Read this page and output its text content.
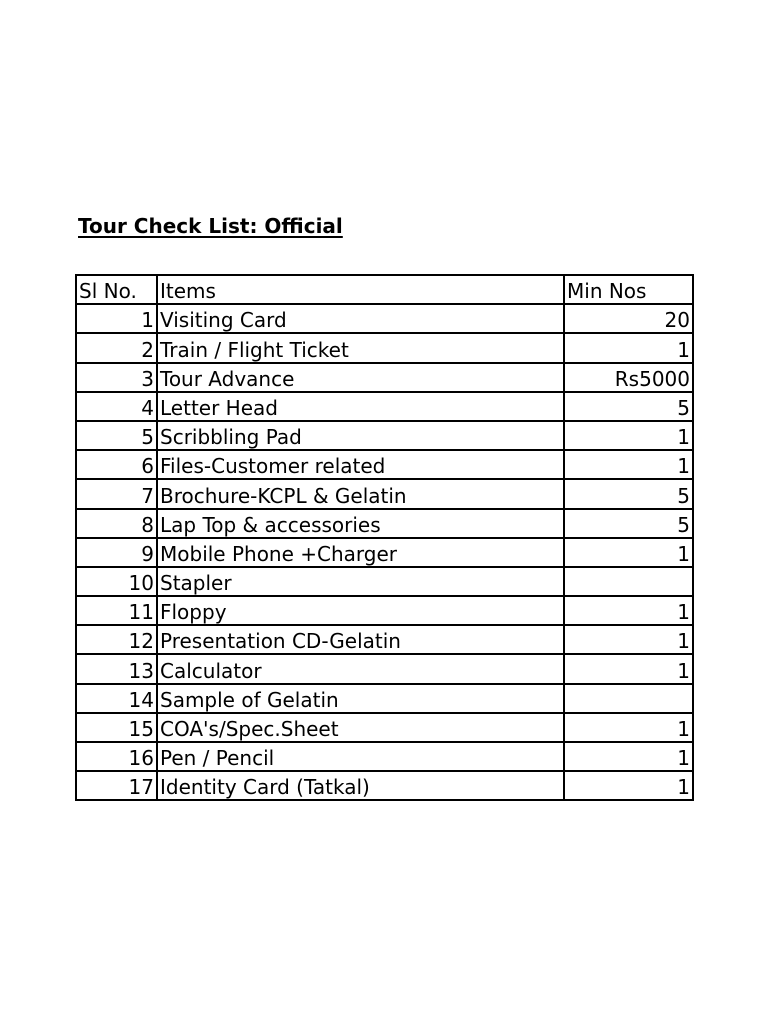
Tour Check List: Official
Sl No.	Items	Min Nos
1	Visiting Card	20
2	Train / Flight Ticket	1
3	Tour Advance	Rs5000
4	Letter Head	5
5	Scribbling Pad	1
6	Files-Customer related	1
7	Brochure-KCPL & Gelatin	5
8	Lap Top & accessories	5
9	Mobile Phone +Charger	1
10	Stapler	
11	Floppy	1
12	Presentation CD-Gelatin	1
13	Calculator	1
14	Sample of Gelatin	
15	COA's/Spec.Sheet	1
16	Pen / Pencil	1
17	Identity Card (Tatkal)	1
